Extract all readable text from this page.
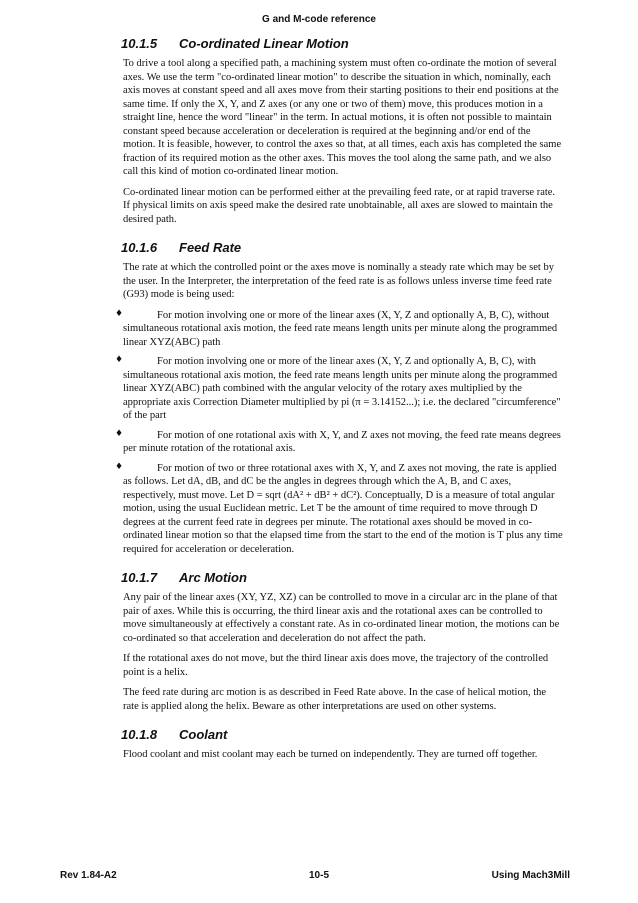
G and M-code reference
10.1.5 Co-ordinated Linear Motion

To drive a tool along a specified path, a machining system must often co-ordinate the motion of several axes. We use the term "co-ordinated linear motion" to describe the situation in which, nominally, each axis moves at constant speed and all axes move from their starting positions to their end positions at the same time. If only the X, Y, and Z axes (or any one or two of them) move, this produces motion in a straight line, hence the word "linear" in the term. In actual motions, it is often not possible to maintain constant speed because acceleration or deceleration is required at the beginning and/or end of the motion. It is feasible, however, to control the axes so that, at all times, each axis has completed the same fraction of its required motion as the other axes. This moves the tool along the same path, and we also call this kind of motion co-ordinated linear motion.

Co-ordinated linear motion can be performed either at the prevailing feed rate, or at rapid traverse rate. If physical limits on axis speed make the desired rate unobtainable, all axes are slowed to maintain the desired path.

10.1.6 Feed Rate

The rate at which the controlled point or the axes move is nominally a steady rate which may be set by the user. In the Interpreter, the interpretation of the feed rate is as follows unless inverse time feed rate (G93) mode is being used:

♦	For motion involving one or more of the linear axes (X, Y, Z and optionally A, B, C), without simultaneous rotational axis motion, the feed rate means length units per minute along the programmed linear XYZ(ABC) path

♦	For motion involving one or more of the linear axes (X, Y, Z and optionally A, B, C), with simultaneous rotational axis motion, the feed rate means length units per minute along the programmed linear XYZ(ABC) path combined with the angular velocity of the rotary axes multiplied by the appropriate axis Correction Diameter multiplied by pi (π = 3.14152...); i.e. the declared "circumference" of the part

♦	For motion of one rotational axis with X, Y, and Z axes not moving, the feed rate means degrees per minute rotation of the rotational axis.

♦	For motion of two or three rotational axes with X, Y, and Z axes not moving, the rate is applied as follows. Let dA, dB, and dC be the angles in degrees through which the A, B, and C axes, respectively, must move. Let D = sqrt (dA² + dB² + dC²). Conceptually, D is a measure of total angular motion, using the usual Euclidean metric. Let T be the amount of time required to move through D degrees at the current feed rate in degrees per minute. The rotational axes should be moved in co-ordinated linear motion so that the elapsed time from the start to the end of the motion is T plus any time required for acceleration or deceleration.

10.1.7 Arc Motion

Any pair of the linear axes (XY, YZ, XZ) can be controlled to move in a circular arc in the plane of that pair of axes. While this is occurring, the third linear axis and the rotational axes can be controlled to move simultaneously at effectively a constant rate. As in co-ordinated linear motion, the motions can be co-ordinated so that acceleration and deceleration do not affect the path.

If the rotational axes do not move, but the third linear axis does move, the trajectory of the controlled point is a helix.

The feed rate during arc motion is as described in Feed Rate above. In the case of helical motion, the rate is applied along the helix. Beware as other interpretations are used on other systems.

10.1.8 Coolant

Flood coolant and mist coolant may each be turned on independently. They are turned off together.

Rev 1.84-A2	10-5	Using Mach3Mill
